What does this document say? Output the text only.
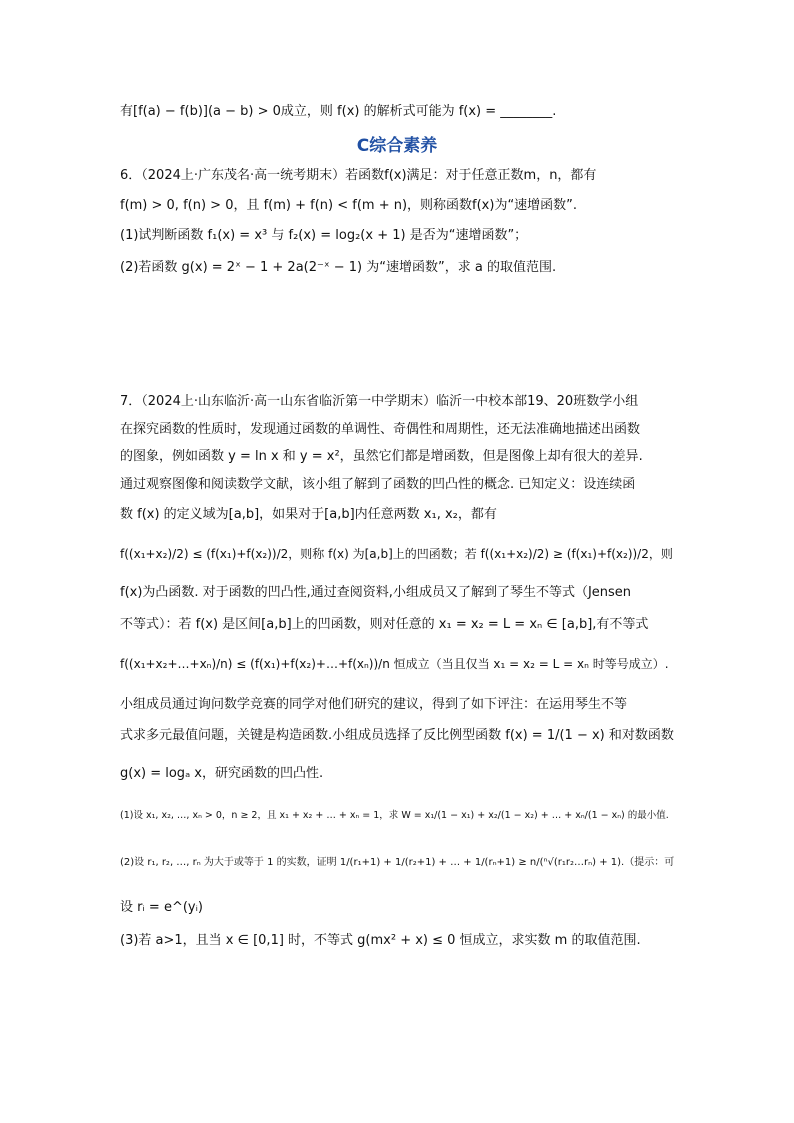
有[f(a) − f(b)](a − b) > 0成立，则 f(x) 的解析式可能为 f(x) = ________.
C综合素养
6．（2024上·广东茂名·高一统考期末）若函数f(x)满足：对于任意正数m，n，都有
f(m) > 0, f(n) > 0，且 f(m) + f(n) < f(m + n)，则称函数f(x)为“速增函数”.
(1)试判断函数 f₁(x) = x³ 与 f₂(x) = log₂(x + 1) 是否为“速增函数”；
(2)若函数 g(x) = 2ˣ − 1 + 2a(2⁻ˣ − 1) 为“速增函数”，求 a 的取值范围.
7．（2024上·山东临沂·高一山东省临沂第一中学期末）临沂一中校本部19、20班数学小组
在探究函数的性质时，发现通过函数的单调性、奇偶性和周期性，还无法准确地描述出函数
的图象，例如函数 y = ln x 和 y = x²，虽然它们都是增函数，但是图像上却有很大的差异.
通过观察图像和阅读数学文献，该小组了解到了函数的凹凸性的概念. 已知定义：设连续函
数 f(x) 的定义域为[a,b]，如果对于[a,b]内任意两数 x₁, x₂，都有
f((x₁+x₂)/2) ≤ (f(x₁)+f(x₂))/2，则称 f(x) 为[a,b]上的凹函数；若 f((x₁+x₂)/2) ≥ (f(x₁)+f(x₂))/2，则
f(x)为凸函数. 对于函数的凹凸性,通过查阅资料,小组成员又了解到了琴生不等式（Jensen
不等式）：若 f(x) 是区间[a,b]上的凹函数，则对任意的 x₁ = x₂ = L = xₙ ∈ [a,b],有不等式
f((x₁+x₂+…+xₙ)/n) ≤ (f(x₁)+f(x₂)+…+f(xₙ))/n 恒成立（当且仅当 x₁ = x₂ = L = xₙ 时等号成立）.
小组成员通过询问数学竞赛的同学对他们研究的建议，得到了如下评注：在运用琴生不等
式求多元最值问题，关键是构造函数.小组成员选择了反比例型函数 f(x) = 1/(1 − x) 和对数函数
g(x) = logₐ x，研究函数的凹凸性.
(1)设 x₁, x₂, …, xₙ > 0，n ≥ 2，且 x₁ + x₂ + … + xₙ = 1，求 W = x₁/(1 − x₁) + x₂/(1 − x₂) + … + xₙ/(1 − xₙ) 的最小值.
(2)设 r₁, r₂, …, rₙ 为大于或等于 1 的实数，证明 1/(r₁+1) + 1/(r₂+1) + … + 1/(rₙ+1) ≥ n/(ⁿ√(r₁r₂…rₙ) + 1).（提示：可
设 rᵢ = e^(yᵢ)
(3)若 a>1，且当 x ∈ [0,1] 时，不等式 g(mx² + x) ≤ 0 恒成立，求实数 m 的取值范围.
